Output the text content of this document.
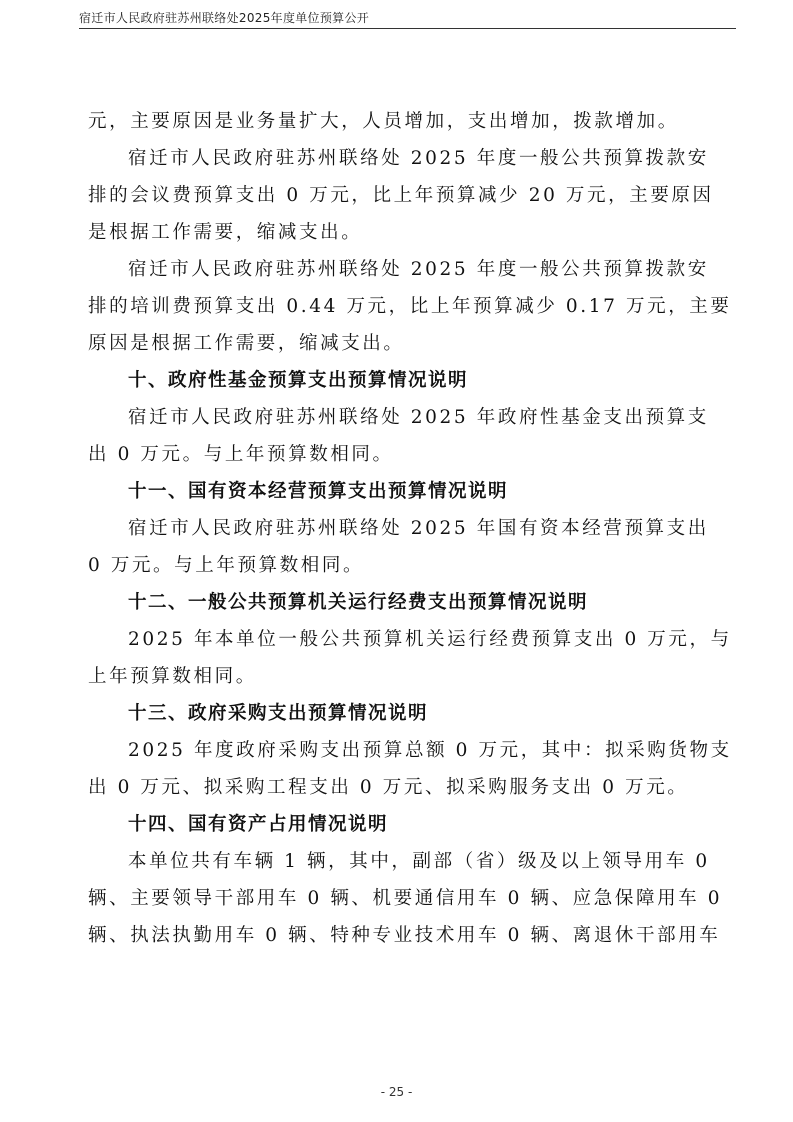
宿迁市人民政府驻苏州联络处2025年度单位预算公开
元，主要原因是业务量扩大，人员增加，支出增加，拨款增加。
宿迁市人民政府驻苏州联络处 2025 年度一般公共预算拨款安
排的会议费预算支出 0 万元，比上年预算减少 20 万元，主要原因
是根据工作需要，缩减支出。
宿迁市人民政府驻苏州联络处 2025 年度一般公共预算拨款安
排的培训费预算支出 0.44 万元，比上年预算减少 0.17 万元，主要
原因是根据工作需要，缩减支出。
十、政府性基金预算支出预算情况说明
宿迁市人民政府驻苏州联络处 2025 年政府性基金支出预算支
出 0 万元。与上年预算数相同。
十一、国有资本经营预算支出预算情况说明
宿迁市人民政府驻苏州联络处 2025 年国有资本经营预算支出
0 万元。与上年预算数相同。
十二、一般公共预算机关运行经费支出预算情况说明
2025 年本单位一般公共预算机关运行经费预算支出 0 万元，与
上年预算数相同。
十三、政府采购支出预算情况说明
2025 年度政府采购支出预算总额 0 万元，其中：拟采购货物支
出 0 万元、拟采购工程支出 0 万元、拟采购服务支出 0 万元。
十四、国有资产占用情况说明
本单位共有车辆 1 辆，其中，副部（省）级及以上领导用车 0
辆、主要领导干部用车 0 辆、机要通信用车 0 辆、应急保障用车 0
辆、执法执勤用车 0 辆、特种专业技术用车 0 辆、离退休干部用车
- 25 -
